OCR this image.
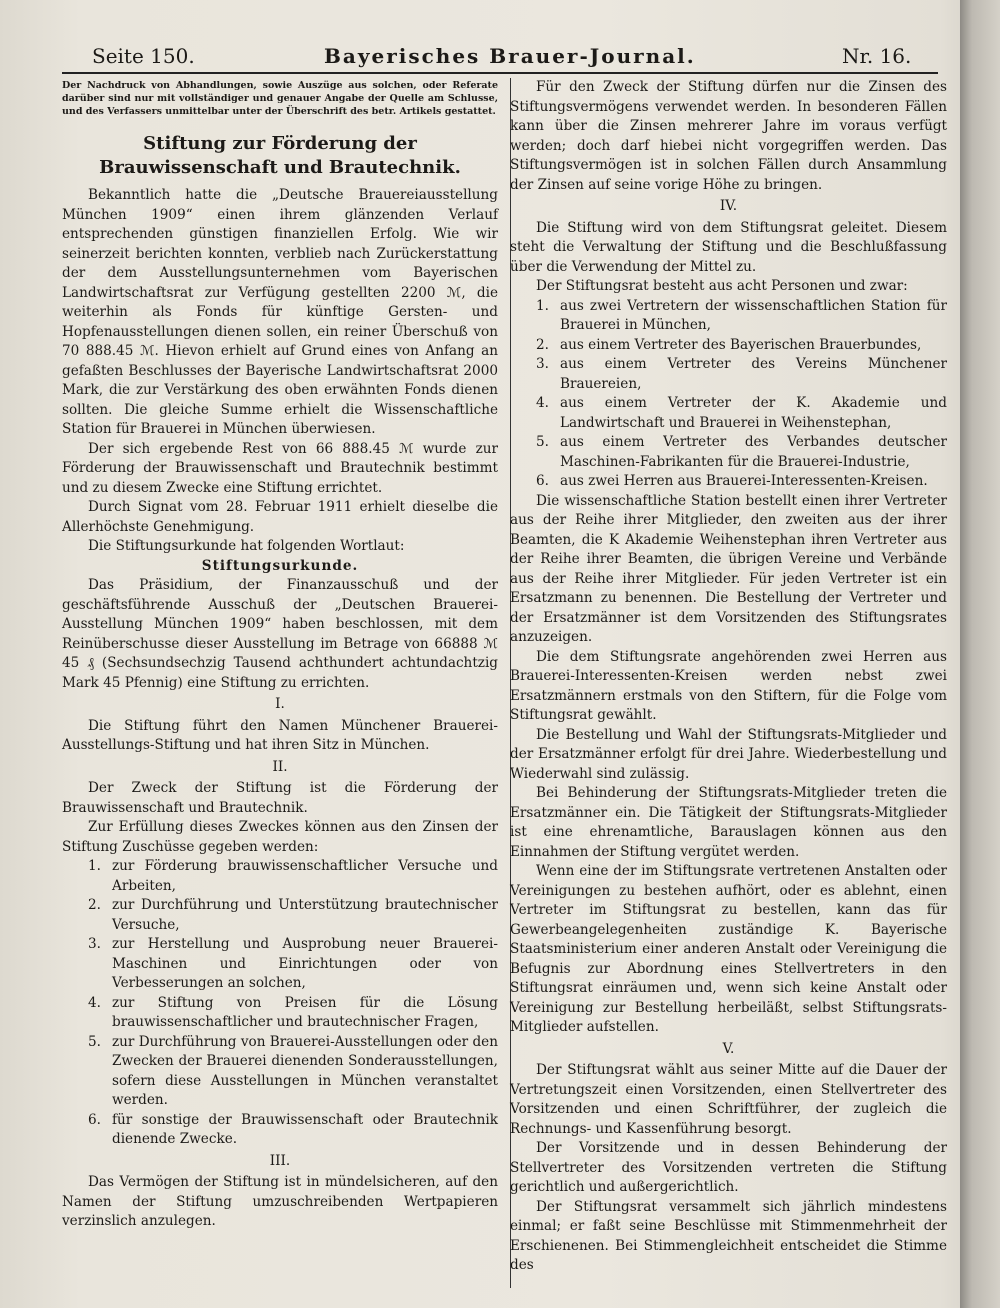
Seite 150.	Bayerisches Brauer-Journal.	Nr. 16.
Der Nachdruck von Abhandlungen, sowie Auszüge aus solchen, oder Referate darüber sind nur mit vollständiger und genauer Angabe der Quelle am Schlusse, und des Verfassers unmittelbar unter der Überschrift des betr. Artikels gestattet.
Stiftung zur Förderung der Brauwissenschaft und Brautechnik.

Bekanntlich hatte die „Deutsche Brauereiausstellung München 1909“ einen ihrem glänzenden Verlauf entsprechenden günstigen finanziellen Erfolg. Wie wir seinerzeit berichten konnten, verblieb nach Zurückerstattung der dem Ausstellungsunternehmen vom Bayerischen Landwirtschaftsrat zur Verfügung gestellten 2200 ℳ, die weiterhin als Fonds für künftige Gersten- und Hopfenausstellungen dienen sollen, ein reiner Überschuß von 70 888.45 ℳ. Hievon erhielt auf Grund eines von Anfang an gefaßten Beschlusses der Bayerische Landwirtschaftsrat 2000 Mark, die zur Verstärkung des oben erwähnten Fonds dienen sollten. Die gleiche Summe erhielt die Wissenschaftliche Station für Brauerei in München überwiesen.

Der sich ergebende Rest von 66 888.45 ℳ wurde zur Förderung der Brauwissenschaft und Brautechnik bestimmt und zu diesem Zwecke eine Stiftung errichtet.

Durch Signat vom 28. Februar 1911 erhielt dieselbe die Allerhöchste Genehmigung.

Die Stiftungsurkunde hat folgenden Wortlaut:

Stiftungsurkunde.

Das Präsidium, der Finanzausschuß und der geschäftsführende Ausschuß der „Deutschen Brauerei-Ausstellung München 1909“ haben beschlossen, mit dem Reinüberschusse dieser Ausstellung im Betrage von 66888 ℳ 45 ₰ (Sechsundsechzig Tausend achthundert achtundachtzig Mark 45 Pfennig) eine Stiftung zu errichten.

I.

Die Stiftung führt den Namen Münchener Brauerei-Ausstellungs-Stiftung und hat ihren Sitz in München.

II.

Der Zweck der Stiftung ist die Förderung der Brauwissenschaft und Brautechnik.

Zur Erfüllung dieses Zweckes können aus den Zinsen der Stiftung Zuschüsse gegeben werden:

1. zur Förderung brauwissenschaftlicher Versuche und Arbeiten,
2. zur Durchführung und Unterstützung brautechnischer Versuche,
3. zur Herstellung und Ausprobung neuer Brauerei-Maschinen und Einrichtungen oder von Verbesserungen an solchen,
4. zur Stiftung von Preisen für die Lösung brauwissenschaftlicher und brautechnischer Fragen,
5. zur Durchführung von Brauerei-Ausstellungen oder den Zwecken der Brauerei dienenden Sonderausstellungen, sofern diese Ausstellungen in München veranstaltet werden.
6. für sonstige der Brauwissenschaft oder Brautechnik dienende Zwecke.

III.

Das Vermögen der Stiftung ist in mündelsicheren, auf den Namen der Stiftung umzuschreibenden Wertpapieren verzinslich anzulegen.

Für den Zweck der Stiftung dürfen nur die Zinsen des Stiftungsvermögens verwendet werden. In besonderen Fällen kann über die Zinsen mehrerer Jahre im voraus verfügt werden; doch darf hiebei nicht vorgegriffen werden. Das Stiftungsvermögen ist in solchen Fällen durch Ansammlung der Zinsen auf seine vorige Höhe zu bringen.

IV.

Die Stiftung wird von dem Stiftungsrat geleitet. Diesem steht die Verwaltung der Stiftung und die Beschlußfassung über die Verwendung der Mittel zu.

Der Stiftungsrat besteht aus acht Personen und zwar:

1. aus zwei Vertretern der wissenschaftlichen Station für Brauerei in München,
2. aus einem Vertreter des Bayerischen Brauerbundes,
3. aus einem Vertreter des Vereins Münchener Brauereien,
4. aus einem Vertreter der K. Akademie und Landwirtschaft und Brauerei in Weihenstephan,
5. aus einem Vertreter des Verbandes deutscher Maschinen-Fabrikanten für die Brauerei-Industrie,
6. aus zwei Herren aus Brauerei-Interessenten-Kreisen.

Die wissenschaftliche Station bestellt einen ihrer Vertreter aus der Reihe ihrer Mitglieder, den zweiten aus der ihrer Beamten, die K Akademie Weihenstephan ihren Vertreter aus der Reihe ihrer Beamten, die übrigen Vereine und Verbände aus der Reihe ihrer Mitglieder. Für jeden Vertreter ist ein Ersatzmann zu benennen. Die Bestellung der Vertreter und der Ersatzmänner ist dem Vorsitzenden des Stiftungsrates anzuzeigen.

Die dem Stiftungsrate angehörenden zwei Herren aus Brauerei-Interessenten-Kreisen werden nebst zwei Ersatzmännern erstmals von den Stiftern, für die Folge vom Stiftungsrat gewählt.

Die Bestellung und Wahl der Stiftungsrats-Mitglieder und der Ersatzmänner erfolgt für drei Jahre. Wiederbestellung und Wiederwahl sind zulässig.

Bei Behinderung der Stiftungsrats-Mitglieder treten die Ersatzmänner ein. Die Tätigkeit der Stiftungsrats-Mitglieder ist eine ehrenamtliche, Barauslagen können aus den Einnahmen der Stiftung vergütet werden.

Wenn eine der im Stiftungsrate vertretenen Anstalten oder Vereinigungen zu bestehen aufhört, oder es ablehnt, einen Vertreter im Stiftungsrat zu bestellen, kann das für Gewerbeangelegenheiten zuständige K. Bayerische Staatsministerium einer anderen Anstalt oder Vereinigung die Befugnis zur Abordnung eines Stellvertreters in den Stiftungsrat einräumen und, wenn sich keine Anstalt oder Vereinigung zur Bestellung herbeiläßt, selbst Stiftungsrats-Mitglieder aufstellen.

V.

Der Stiftungsrat wählt aus seiner Mitte auf die Dauer der Vertretungszeit einen Vorsitzenden, einen Stellvertreter des Vorsitzenden und einen Schriftführer, der zugleich die Rechnungs- und Kassenführung besorgt.

Der Vorsitzende und in dessen Behinderung der Stellvertreter des Vorsitzenden vertreten die Stiftung gerichtlich und außergerichtlich.

Der Stiftungsrat versammelt sich jährlich mindestens einmal; er faßt seine Beschlüsse mit Stimmenmehrheit der Erschienenen. Bei Stimmengleichheit entscheidet die Stimme des
